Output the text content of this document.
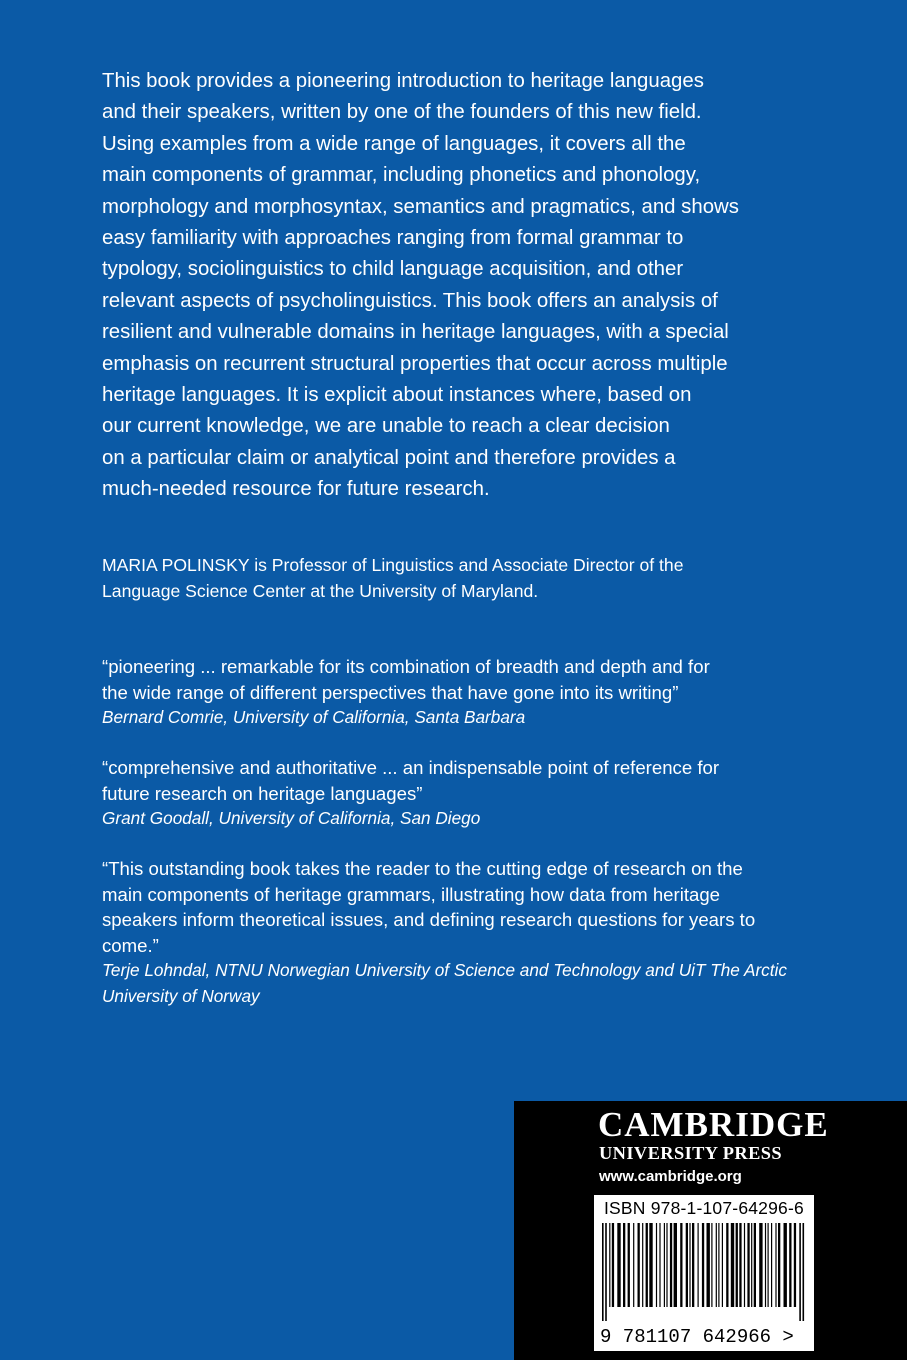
This book provides a pioneering introduction to heritage languages
and their speakers, written by one of the founders of this new field.
Using examples from a wide range of languages, it covers all the
main components of grammar, including phonetics and phonology,
morphology and morphosyntax, semantics and pragmatics, and shows
easy familiarity with approaches ranging from formal grammar to
typology, sociolinguistics to child language acquisition, and other
relevant aspects of psycholinguistics. This book offers an analysis of
resilient and vulnerable domains in heritage languages, with a special
emphasis on recurrent structural properties that occur across multiple
heritage languages. It is explicit about instances where, based on
our current knowledge, we are unable to reach a clear decision
on a particular claim or analytical point and therefore provides a
much-needed resource for future research.

MARIA POLINSKY is Professor of Linguistics and Associate Director of the
Language Science Center at the University of Maryland.

“pioneering ... remarkable for its combination of breadth and depth and for
the wide range of different perspectives that have gone into its writing”
Bernard Comrie, University of California, Santa Barbara

“comprehensive and authoritative ... an indispensable point of reference for
future research on heritage languages”
Grant Goodall, University of California, San Diego

“This outstanding book takes the reader to the cutting edge of research on the
main components of heritage grammars, illustrating how data from heritage
speakers inform theoretical issues, and defining research questions for years to
come.”
Terje Lohndal, NTNU Norwegian University of Science and Technology and UiT The Arctic
University of Norway

CAMBRIDGE
UNIVERSITY PRESS
www.cambridge.org
ISBN 978-1-107-64296-6
9 781107 642966 >
